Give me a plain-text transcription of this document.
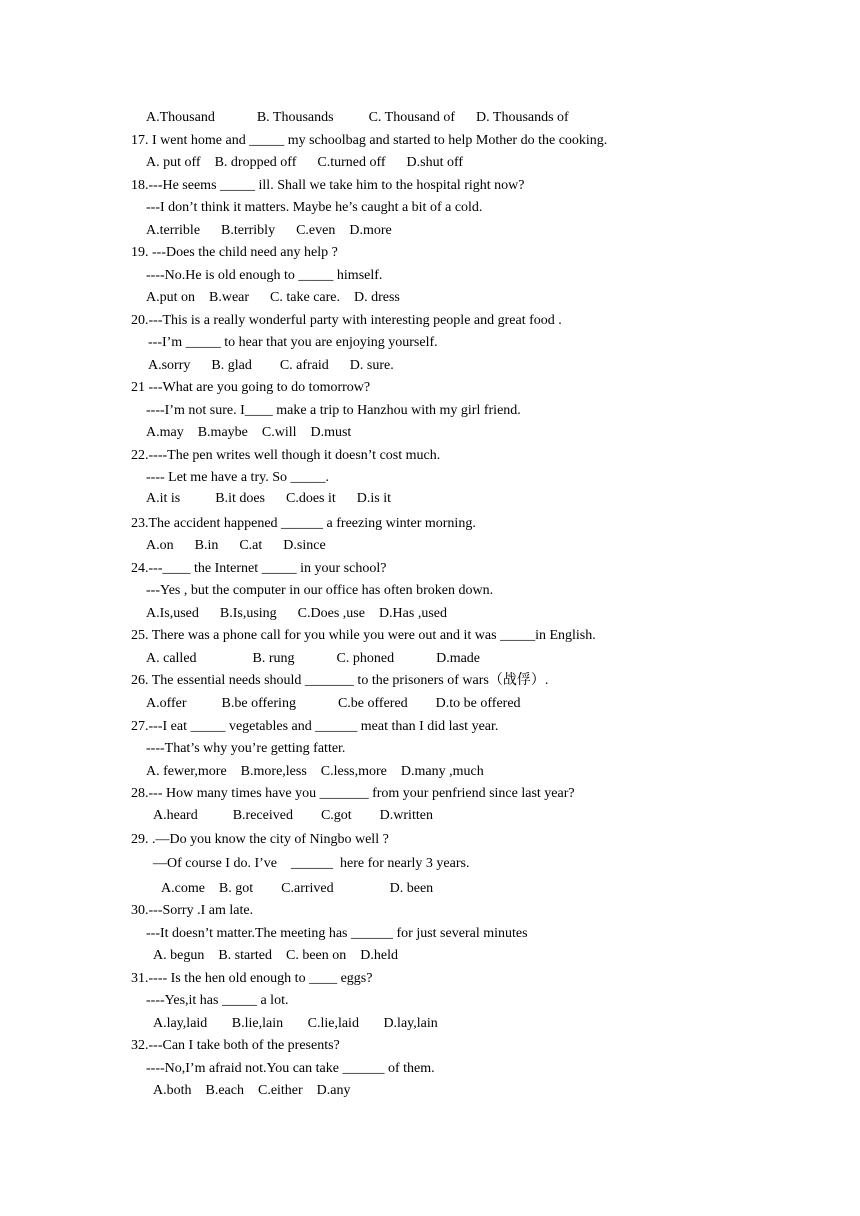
A.Thousand            B. Thousands          C. Thousand of      D. Thousands of
17. I went home and _____ my schoolbag and started to help Mother do the cooking.
A. put off    B. dropped off      C.turned off      D.shut off
18.---He seems _____ ill. Shall we take him to the hospital right now?
---I don’t think it matters. Maybe he’s caught a bit of a cold.
A.terrible      B.terribly      C.even    D.more
19. ---Does the child need any help ?
----No.He is old enough to _____ himself.
A.put on    B.wear      C. take care.    D. dress
20.---This is a really wonderful party with interesting people and great food .
---I’m _____ to hear that you are enjoying yourself.
A.sorry      B. glad        C. afraid      D. sure.
21 ---What are you going to do tomorrow?
----I’m not sure. I____ make a trip to Hanzhou with my girl friend.
A.may    B.maybe    C.will    D.must
22.----The pen writes well though it doesn’t cost much.
---- Let me have a try. So _____.
A.it is          B.it does      C.does it      D.is it
23.The accident happened ______ a freezing winter morning.
A.on      B.in      C.at      D.since
24.---____ the Internet _____ in your school?
---Yes , but the computer in our office has often broken down.
A.Is,used      B.Is,using      C.Does ,use    D.Has ,used
25. There was a phone call for you while you were out and it was _____in English.
A. called                B. rung            C. phoned            D.made
26. The essential needs should _______ to the prisoners of wars（战俘）.
A.offer          B.be offering            C.be offered        D.to be offered
27.---I eat _____ vegetables and ______ meat than I did last year.
----That’s why you’re getting fatter.
A. fewer,more    B.more,less    C.less,more    D.many ,much
28.--- How many times have you _______ from your penfriend since last year?
A.heard          B.received        C.got        D.written
29. .—Do you know the city of Ningbo well ?
—Of course I do. I’ve    ______  here for nearly 3 years.
A.come    B. got        C.arrived                D. been
30.---Sorry .I am late.
---It doesn’t matter.The meeting has ______ for just several minutes
A. begun    B. started    C. been on    D.held
31.---- Is the hen old enough to ____ eggs?
----Yes,it has _____ a lot.
A.lay,laid       B.lie,lain       C.lie,laid       D.lay,lain
32.---Can I take both of the presents?
----No,I’m afraid not.You can take ______ of them.
A.both    B.each    C.either    D.any
